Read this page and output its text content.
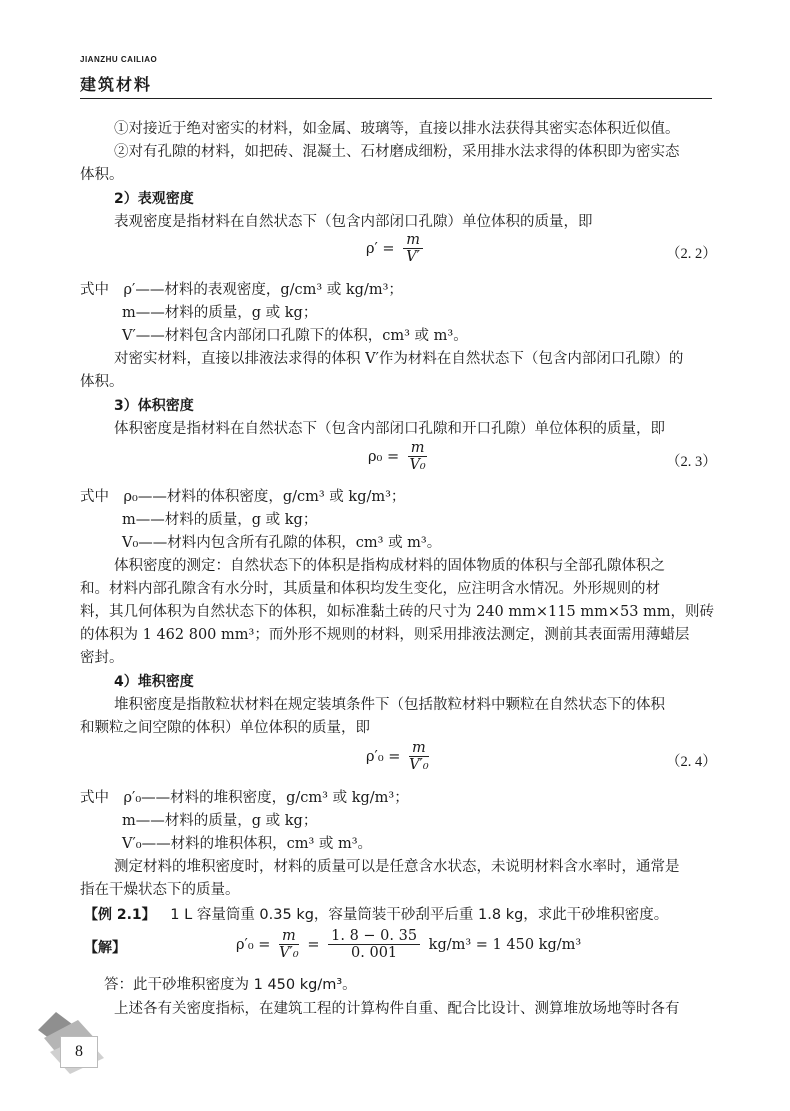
JIANZHU CAILIAO
建筑材料
①对接近于绝对密实的材料，如金属、玻璃等，直接以排水法获得其密实态体积近似值。
②对有孔隙的材料，如把砖、混凝土、石材磨成细粉，采用排水法求得的体积即为密实态
体积。
2）表观密度
表观密度是指材料在自然状态下（包含内部闭口孔隙）单位体积的质量，即
$\rho' = \frac{m}{V'}$	（2. 2）
式中　ρ′——材料的表观密度，g/cm³ 或 kg/m³；
m——材料的质量，g 或 kg；
V′——材料包含内部闭口孔隙下的体积，cm³ 或 m³。
对密实材料，直接以排液法求得的体积 V′作为材料在自然状态下（包含内部闭口孔隙）的
体积。
3）体积密度
体积密度是指材料在自然状态下（包含内部闭口孔隙和开口孔隙）单位体积的质量，即
$\rho_0 = \frac{m}{\text{V₀}}$	（2. 3）
式中　ρ₀——材料的体积密度，g/cm³ 或 kg/m³；
m——材料的质量，g 或 kg；
V₀——材料内包含所有孔隙的体积，cm³ 或 m³。
体积密度的测定：自然状态下的体积是指构成材料的固体物质的体积与全部孔隙体积之
和。材料内部孔隙含有水分时，其质量和体积均发生变化，应注明含水情况。外形规则的材
料，其几何体积为自然状态下的体积，如标准黏土砖的尺寸为 240 mm×115 mm×53 mm，则砖
的体积为 1 462 800 mm³；而外形不规则的材料，则采用排液法测定，测前其表面需用薄蜡层
密封。
4）堆积密度
堆积密度是指散粒状材料在规定装填条件下（包括散粒材料中颗粒在自然状态下的体积
和颗粒之间空隙的体积）单位体积的质量，即
$\rho'_0 = \frac{m}{\text{V′₀}}$	（2. 4）
式中　ρ′₀——材料的堆积密度，g/cm³ 或 kg/m³；
m——材料的质量，g 或 kg；
V′₀——材料的堆积体积，cm³ 或 m³。
测定材料的堆积密度时，材料的质量可以是任意含水状态，未说明材料含水率时，通常是
指在干燥状态下的质量。
【例 2.1】 1 L 容量筒重 0.35 kg，容量筒装干砂刮平后重 1.8 kg，求此干砂堆积密度。
【解】	$\rho'_0 = \frac{m}{\text{V′₀}} = \frac{1. 8 - 0. 35}{0. 001} kg/m^3 = 1$ 450 kg/m³
答：此干砂堆积密度为 1 450 kg/m³。
上述各有关密度指标，在建筑工程的计算构件自重、配合比设计、测算堆放场地等时各有
8
